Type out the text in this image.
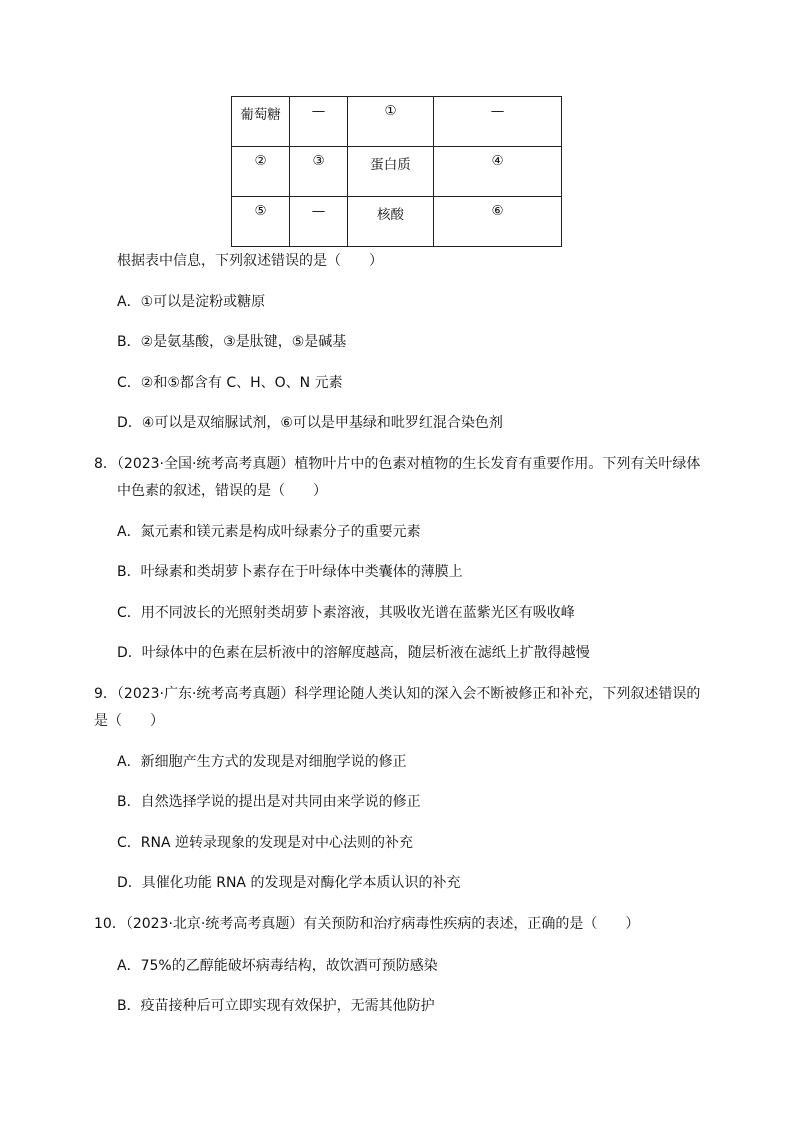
葡萄糖	—	①	—
②	③	蛋白质	④
⑤	—	核酸	⑥
根据表中信息，下列叙述错误的是（　　）
A．①可以是淀粉或糖原
B．②是氨基酸，③是肽键，⑤是碱基
C．②和⑤都含有 C、H、O、N 元素
D．④可以是双缩脲试剂，⑥可以是甲基绿和吡罗红混合染色剂
8．（2023·全国·统考高考真题）植物叶片中的色素对植物的生长发育有重要作用。下列有关叶绿体
中色素的叙述，错误的是（　　）
A．氮元素和镁元素是构成叶绿素分子的重要元素
B．叶绿素和类胡萝卜素存在于叶绿体中类囊体的薄膜上
C．用不同波长的光照射类胡萝卜素溶液，其吸收光谱在蓝紫光区有吸收峰
D．叶绿体中的色素在层析液中的溶解度越高，随层析液在滤纸上扩散得越慢
9．（2023·广东·统考高考真题）科学理论随人类认知的深入会不断被修正和补充，下列叙述错误的
是（　　）
A．新细胞产生方式的发现是对细胞学说的修正
B．自然选择学说的提出是对共同由来学说的修正
C．RNA 逆转录现象的发现是对中心法则的补充
D．具催化功能 RNA 的发现是对酶化学本质认识的补充
10．（2023·北京·统考高考真题）有关预防和治疗病毒性疾病的表述，正确的是（　　）
A．75%的乙醇能破坏病毒结构，故饮酒可预防感染
B．疫苗接种后可立即实现有效保护，无需其他防护
